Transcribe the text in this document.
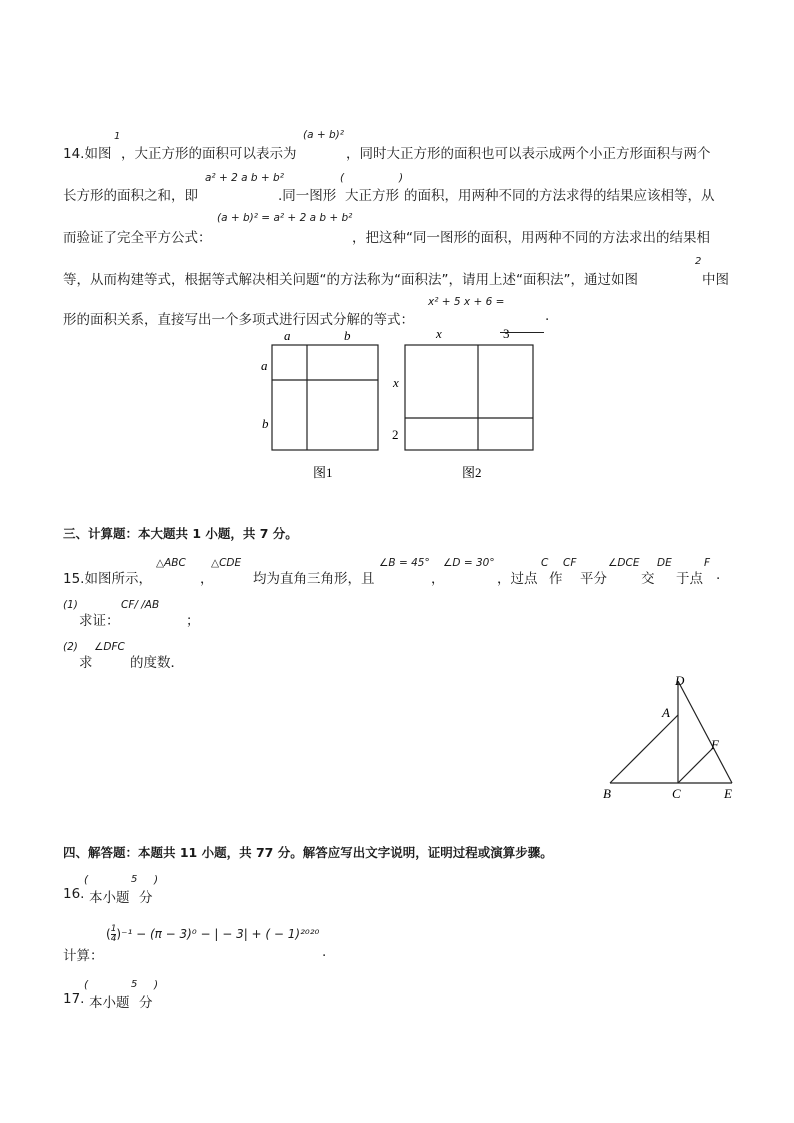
14.如图
1
，大正方形的面积可以表示为
(a + b)²
，同时大正方形的面积也可以表示成两个小正方形面积与两个
长方形的面积之和，即
a² + 2 a b + b²
.同一图形
(
大正方形
)
的面积，用两种不同的方法求得的结果应该相等，从
而验证了完全平方公式：
(a + b)² = a² + 2 a b + b²
，把这种“同一图形的面积，用两种不同的方法求出的结果相
等，从而构建等式，根据等式解决相关问题“的方法称为“面积法”，请用上述“面积法”，通过如图
2
中图
形的面积关系，直接写出一个多项式进行因式分解的等式：
x² + 5 x + 6 =
.
a	b
a
b
图1
x	3
x
2
图2
三、计算题：本大题共 1 小题，共 7 分。
15.如图所示，
△ABC
，
△CDE
均为直角三角形，且
∠B = 45°
，
∠D = 30°
，过点
C
作
CF
平分
∠DCE
交
DE
于点
F
.
(1)
求证：
CF/ /AB
；
(2)
求
∠DFC
的度数．
D
A
F
B	C	E
四、解答题：本题共 11 小题，共 77 分。解答应写出文字说明，证明过程或演算步骤。
16.
(
本小题
5
分
)
计算：
( $\frac{1}{4} )^{-1} - (\pi - 3)^0$ − | − 3| + ( − 1)²⁰²⁰
.
17.
(
本小题
5
分
)
